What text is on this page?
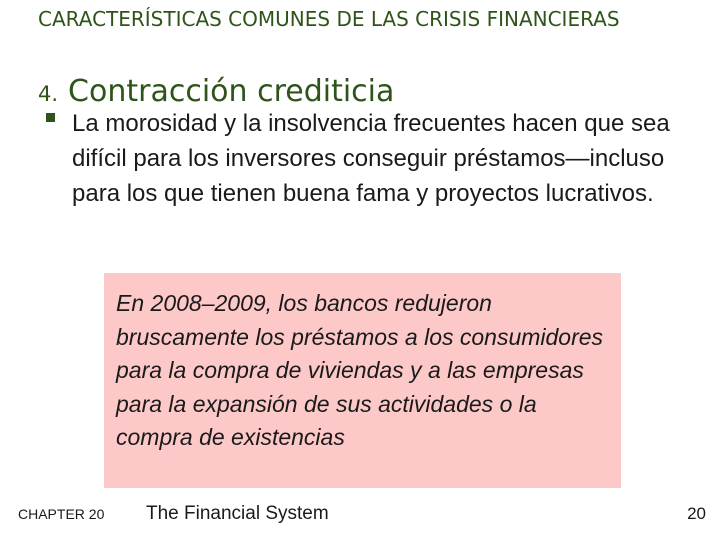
CARACTERÍSTICAS COMUNES DE LAS CRISIS FINANCIERAS
4. Contracción crediticia

La morosidad y la insolvencia frecuentes hacen que sea difícil para los inversores conseguir préstamos—incluso para los que tienen buena fama y proyectos lucrativos.

En 2008–2009, los bancos redujeron bruscamente los préstamos a los consumidores para la compra de viviendas y a las empresas para la expansión de sus actividades o la compra de existencias

CHAPTER 20 The Financial System	20
